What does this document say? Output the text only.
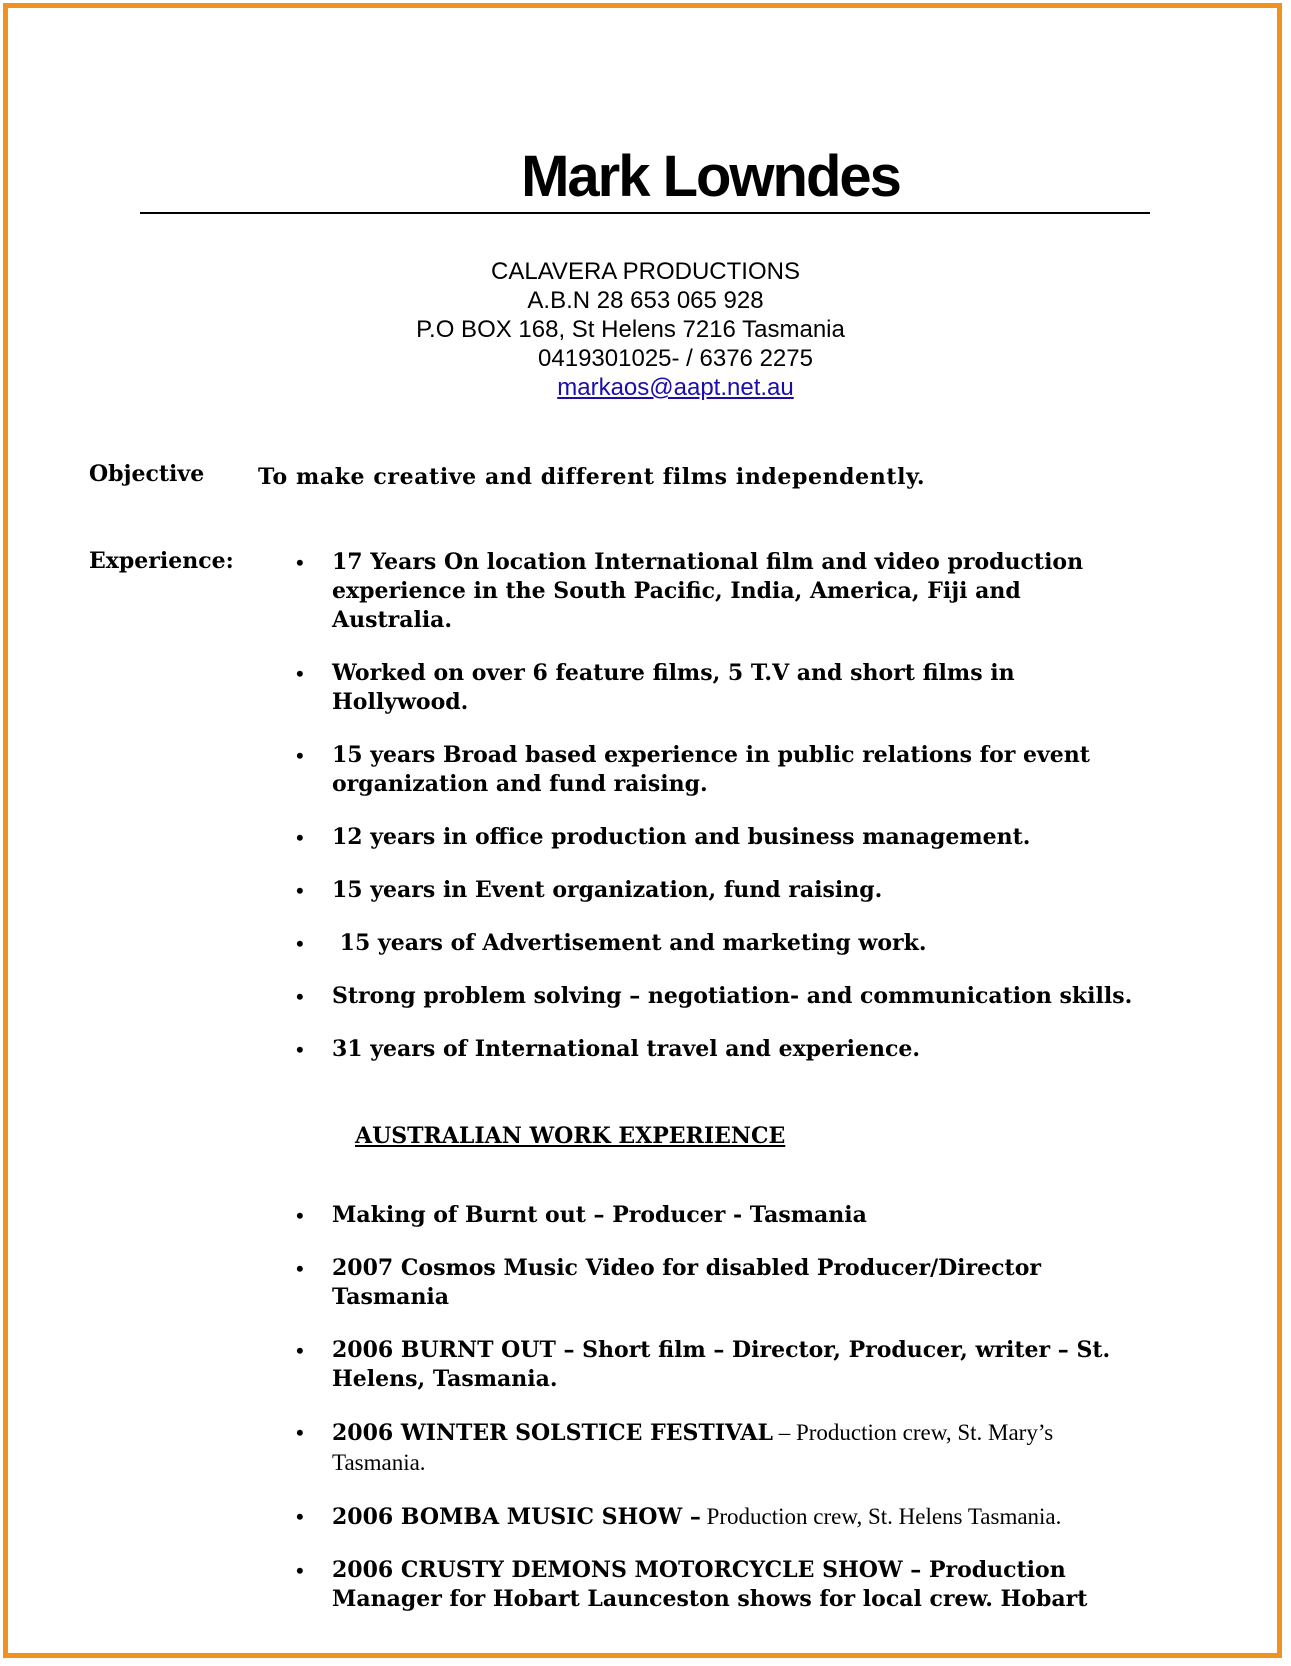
Mark Lowndes
CALAVERA PRODUCTIONS
A.B.N 28 653 065 928
P.O BOX 168, St Helens 7216 Tasmania
0419301025- / 6376 2275
markaos@aapt.net.au
Objective To make creative and different films independently.
Experience:	• 17 Years On location International film and video production experience in the South Pacific, India, America, Fiji and Australia.
• Worked on over 6 feature films, 5 T.V and short films in Hollywood.
• 15 years Broad based experience in public relations for event organization and fund raising.
• 12 years in office production and business management.
• 15 years in Event organization, fund raising.
• 15 years of Advertisement and marketing work.
• Strong problem solving – negotiation- and communication skills.
• 31 years of International travel and experience.
AUSTRALIAN WORK EXPERIENCE
• Making of Burnt out – Producer - Tasmania
• 2007 Cosmos Music Video for disabled Producer/Director Tasmania
• 2006 BURNT OUT – Short film – Director, Producer, writer – St. Helens, Tasmania.
• 2006 WINTER SOLSTICE FESTIVAL – Production crew, St. Mary’s Tasmania.
• 2006 BOMBA MUSIC SHOW – Production crew, St. Helens Tasmania.
• 2006 CRUSTY DEMONS MOTORCYCLE SHOW – Production Manager for Hobart Launceston shows for local crew. Hobart
